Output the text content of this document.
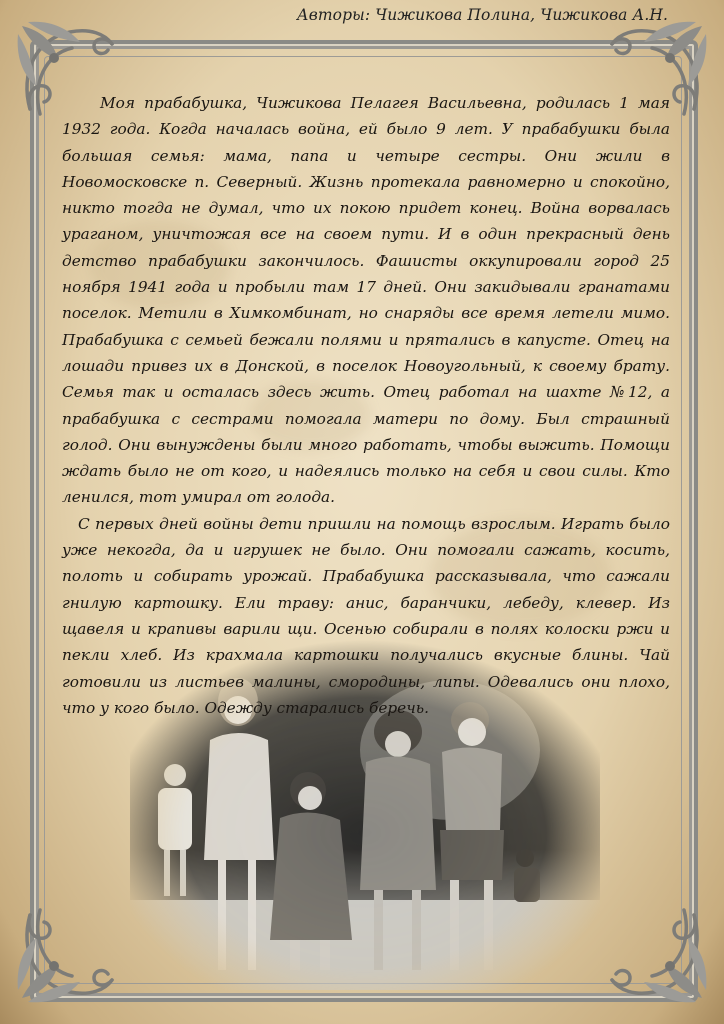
Авторы: Чижикова Полина, Чижикова А.Н.

Моя прабабушка, Чижикова Пелагея Васильевна, родилась 1 мая 1932 года. Когда началась война, ей было 9 лет. У прабабушки была большая семья: мама, папа и четыре сестры. Они жили в Новомосковске п. Северный. Жизнь протекала равномерно и спокойно, никто тогда не думал, что их покою придет конец. Война ворвалась ураганом, уничтожая все на своем пути. И в один прекрасный день детство прабабушки закончилось. Фашисты оккупировали город 25 ноября 1941 года и пробыли там 17 дней. Они закидывали гранатами поселок. Метили в Химкомбинат, но снаряды все время летели мимо. Прабабушка с семьей бежали полями и прятались в капусте. Отец на лошади привез их в Донской, в поселок Новоугольный, к своему брату. Семья так и осталась здесь жить. Отец работал на шахте №12, а прабабушка с сестрами помогала матери по дому. Был страшный голод. Они вынуждены были много работать, чтобы выжить. Помощи ждать было не от кого, и надеялись только на себя и свои силы. Кто ленился, тот умирал от голода.

С первых дней войны дети пришли на помощь взрослым. Играть было уже некогда, да и игрушек не было. Они помогали сажать, косить, полоть и собирать урожай. Прабабушка рассказывала, что сажали гнилую картошку. Ели траву: анис, баранчики, лебеду, клевер. Из щавеля и крапивы варили щи. Осенью собирали в полях колоски ржи и пекли хлеб. Из крахмала картошки получались вкусные блины. Чай готовили из листьев малины, смородины, липы. Одевались они плохо, что у кого было. Одежду старались беречь.
